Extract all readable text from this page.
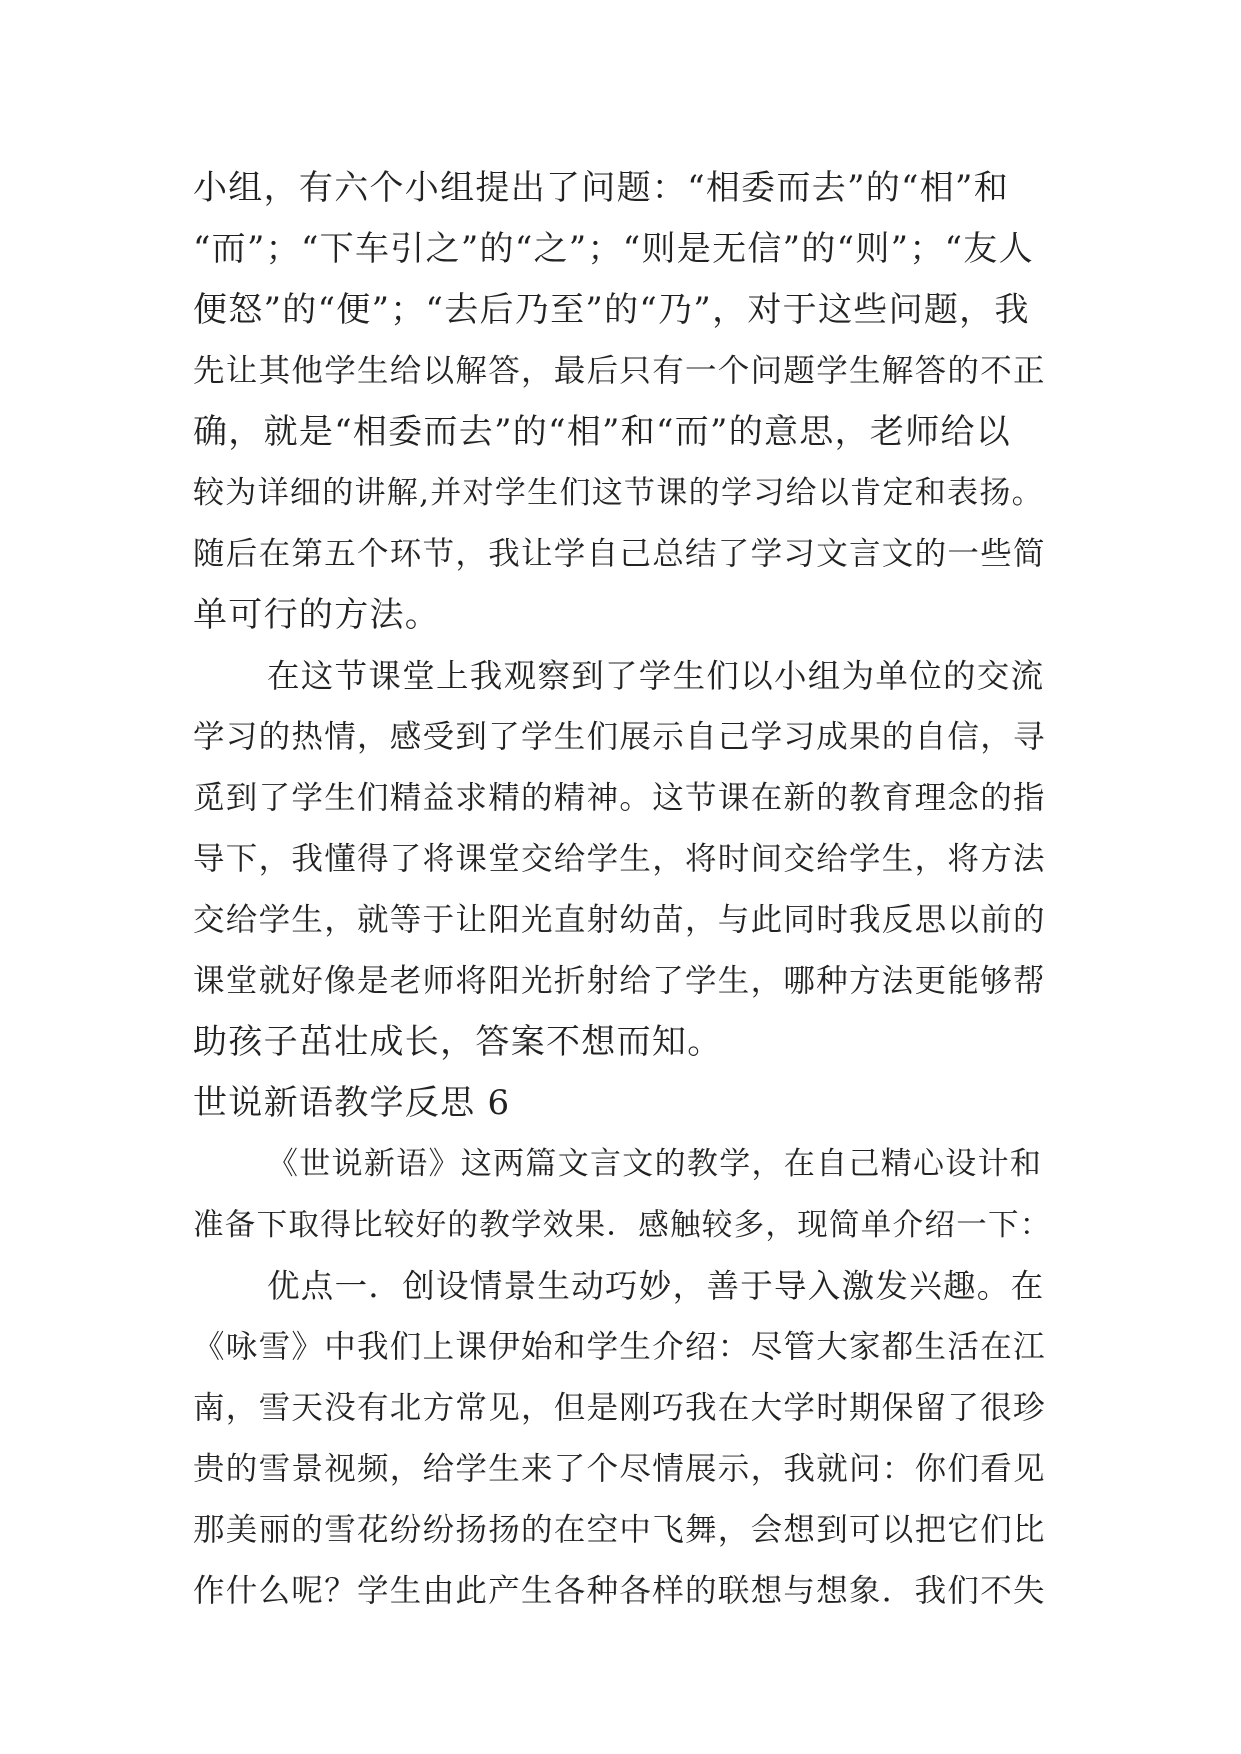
小组，有六个小组提出了问题：“相委而去”的“相”和
“而”；“下车引之”的“之”；“则是无信”的“则”；“友人
便怒”的“便”；“去后乃至”的“乃”，对于这些问题，我
先让其他学生给以解答，最后只有一个问题学生解答的不正
确，就是“相委而去”的“相”和“而”的意思，老师给以
较为详细的讲解,并对学生们这节课的学习给以肯定和表扬。
随后在第五个环节，我让学自己总结了学习文言文的一些简
单可行的方法。
在这节课堂上我观察到了学生们以小组为单位的交流
学习的热情，感受到了学生们展示自己学习成果的自信，寻
觅到了学生们精益求精的精神。这节课在新的教育理念的指
导下，我懂得了将课堂交给学生，将时间交给学生，将方法
交给学生，就等于让阳光直射幼苗，与此同时我反思以前的
课堂就好像是老师将阳光折射给了学生，哪种方法更能够帮
助孩子茁壮成长，答案不想而知。
世说新语教学反思 6
《世说新语》这两篇文言文的教学，在自己精心设计和
准备下取得比较好的教学效果．感触较多，现简单介绍一下：
优点一．创设情景生动巧妙，善于导入激发兴趣。在
《咏雪》中我们上课伊始和学生介绍：尽管大家都生活在江
南，雪天没有北方常见，但是刚巧我在大学时期保留了很珍
贵的雪景视频，给学生来了个尽情展示，我就问：你们看见
那美丽的雪花纷纷扬扬的在空中飞舞，会想到可以把它们比
作什么呢？学生由此产生各种各样的联想与想象．我们不失
